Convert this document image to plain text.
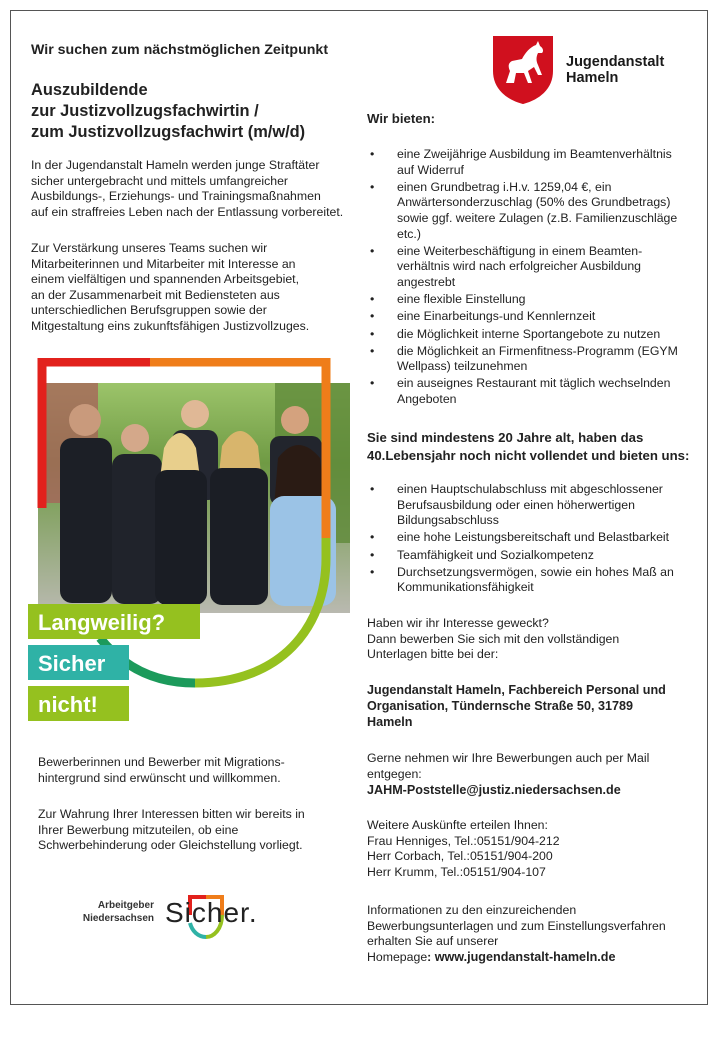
Wir suchen zum nächstmöglichen Zeitpunkt
Auszubildende
zur Justizvollzugsfachwirtin /
zum Justizvollzugsfachwirt (m/w/d)
Jugendanstalt
Hameln
In der Jugendanstalt Hameln werden junge Straftäter
sicher untergebracht und mittels umfangreicher
Ausbildungs-, Erziehungs- und Trainingsmaßnahmen
auf ein straffreies Leben nach der Entlassung vorbereitet.
Zur Verstärkung unseres Teams suchen wir
Mitarbeiterinnen und Mitarbeiter mit Interesse an
einem vielfältigen und spannenden Arbeitsgebiet,
an der Zusammenarbeit mit Bediensteten aus
unterschiedlichen Berufsgruppen sowie der
Mitgestaltung eins zukunftsfähigen Justizvollzuges.
Langweilig?
Sicher
nicht!
Bewerberinnen und Bewerber mit Migrations-
hintergrund sind erwünscht und willkommen.
Zur Wahrung Ihrer Interessen bitten wir bereits in
Ihrer Bewerbung mitzuteilen, ob eine
Schwerbehinderung oder Gleichstellung vorliegt.
Arbeitgeber
Niedersachsen Sicher.
Wir bieten:
• eine Zweijährige Ausbildung im Beamtenverhältnis
auf Widerruf
• einen Grundbetrag i.H.v. 1259,04 €, ein
Anwärtersonderzuschlag (50% des Grundbetrags)
sowie ggf. weitere Zulagen (z.B. Familienzuschläge
etc.)
• eine Weiterbeschäftigung in einem Beamten-
verhältnis wird nach erfolgreicher Ausbildung
angestrebt
• eine flexible Einstellung
• eine Einarbeitungs-und Kennlernzeit
• die Möglichkeit interne Sportangebote zu nutzen
• die Möglichkeit an Firmenfitness-Programm (EGYM
Wellpass) teilzunehmen
• ein auseignes Restaurant mit täglich wechselnden
Angeboten
Sie sind mindestens 20 Jahre alt, haben das
40.Lebensjahr noch nicht vollendet und bieten uns:
• einen Hauptschulabschluss mit abgeschlossener
Berufsausbildung oder einen höherwertigen
Bildungsabschluss
• eine hohe Leistungsbereitschaft und Belastbarkeit
• Teamfähigkeit und Sozialkompetenz
• Durchsetzungsvermögen, sowie ein hohes Maß an
Kommunikationsfähigkeit
Haben wir ihr Interesse geweckt?
Dann bewerben Sie sich mit den vollständigen
Unterlagen bitte bei der:
Jugendanstalt Hameln, Fachbereich Personal und
Organisation, Tündernsche Straße 50, 31789
Hameln
Gerne nehmen wir Ihre Bewerbungen auch per Mail
entgegen:
JAHM-Poststelle@justiz.niedersachsen.de
Weitere Auskünfte erteilen Ihnen:
Frau Henniges, Tel.:05151/904-212
Herr Corbach, Tel.:05151/904-200
Herr Krumm, Tel.:05151/904-107
Informationen zu den einzureichenden
Bewerbungsunterlagen und zum Einstellungsverfahren
erhalten Sie auf unserer
Homepage: www.jugendanstalt-hameln.de
